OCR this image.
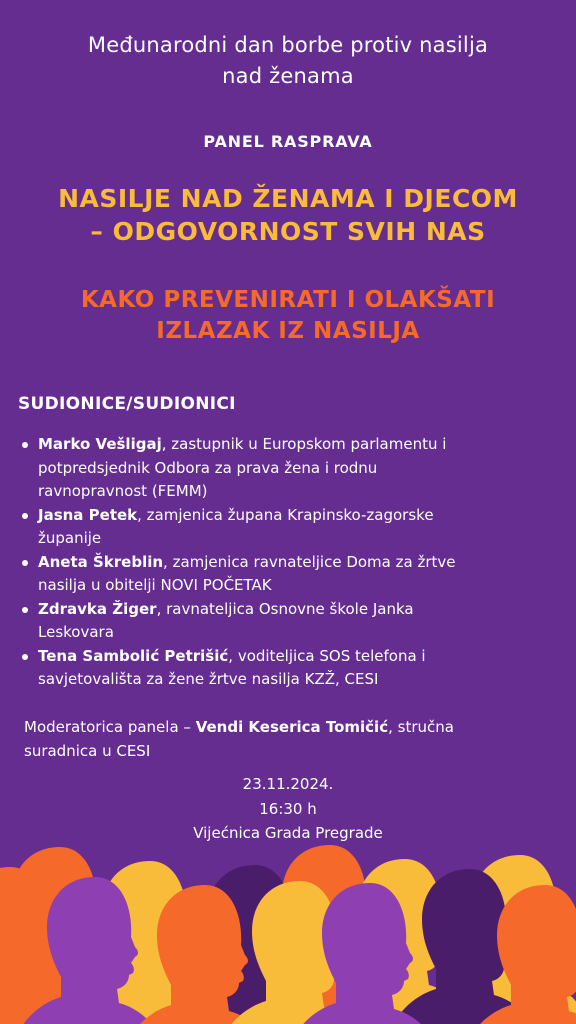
Međunarodni dan borbe protiv nasilja
nad ženama
PANEL RASPRAVA
NASILJE NAD ŽENAMA I DJECOM
– ODGOVORNOST SVIH NAS
KAKO PREVENIRATI I OLAKŠATI
IZLAZAK IZ NASILJA
SUDIONICE/SUDIONICI
Marko Vešligaj, zastupnik u Europskom parlamentu i
potpredsjednik Odbora za prava žena i rodnu
ravnopravnost (FEMM)
Jasna Petek, zamjenica župana Krapinsko-zagorske
županije
Aneta Škreblin, zamjenica ravnateljice Doma za žrtve
nasilja u obitelji NOVI POČETAK
Zdravka Žiger, ravnateljica Osnovne škole Janka
Leskovara
Tena Sambolić Petrišić, voditeljica SOS telefona i
savjetovališta za žene žrtve nasilja KZŽ, CESI
Moderatorica panela – Vendi Keserica Tomičić, stručna
suradnica u CESI
23.11.2024.
16:30 h
Vijećnica Grada Pregrade
